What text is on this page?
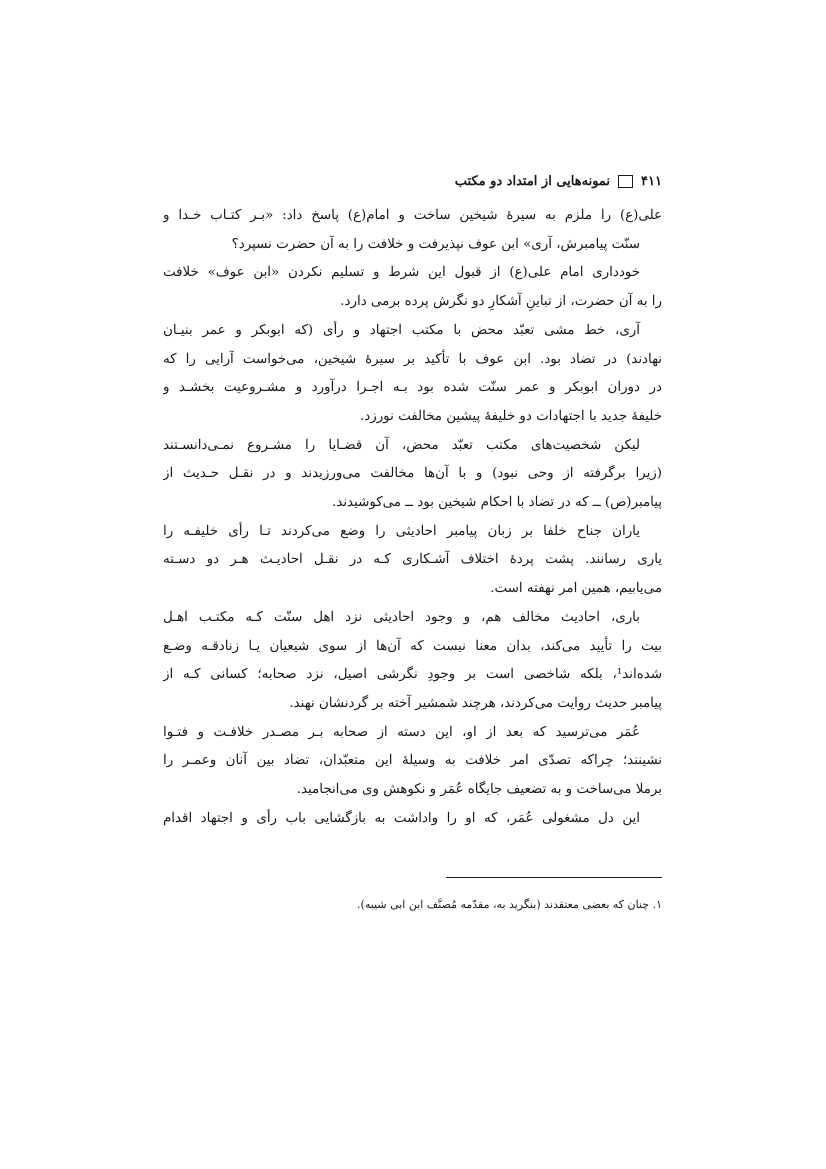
۴۱۱
نمونه‌هایی از امتداد دو مکتب
علی(ع) را ملزم به سیرهٔ شیخین ساخت و امام(ع) پاسخ داد: «بـر کتـاب خـدا و
سنّت پیامبرش، آری» ابن عوف نپذیرفت و خلافت را به آن حضرت نسپرد؟
خودداری امام علی(ع) از قبول این شرط و تسلیم نکردن «ابن عوف» خلافت
را به آن حضرت، از تباینِ آشکارِ دو نگرش پرده برمی دارد.
آری، خط مشی تعبّد محض با مکتب اجتهاد و رأی (که ابوبکر و عمر بنیـان
نهادند) در تضاد بود. ابن عوف با تأکید بر سیرهٔ شیخین، می‌خواست آرایی را که
در دوران ابوبکر و عمر سنّت شده بود بـه اجـرا درآورد و مشـروعیت بخشـد و
خلیفهٔ جدید با اجتهادات دو خلیفهٔ پیشین مخالفت نورزد.
لیکن شخصیت‌های مکتب تعبّد محض، آن قضـایا را مشـروع نمـی‌دانسـتند
(زیرا برگرفته از وحی نبود) و با آن‌ها مخالفت می‌ورزیدند و در نقـل حـدیث از
پیامبر(ص) ــ که در تضاد با احکام شیخین بود ــ می‌کوشیدند.
یاران جناح خلفا بر زبان پیامبر احادیثی را وضع می‌کردند تـا رأی خلیفـه را
یاری رسانند. پشت پردهٔ اختلاف آشـکاری کـه در نقـل احادیـث هـر دو دسـته
می‌یابیم، همین امر نهفته است.
باری، احادیث مخالف هم، و وجود احادیثی نزد اهل سنّت کـه مکتـب اهـل
بیت را تأیید می‌کند، بدان معنا نیست که آن‌ها از سوی شیعیان یـا زنادقـه وضـع
شده‌اند¹، بلکه شاخصی است بر وجودِ نگرشی اصیل، نزد صحابه؛ کسانی کـه از
پیامبر حدیث روایت می‌کردند، هرچند شمشیر آخته بر گردنشان نهند.
عُمَر می‌ترسید که بعد از او، این دسته از صحابه بـر مصـدر خلافـت و فتـوا
نشینند؛ چراکه تصدّی امر خلافت به وسیلهٔ این متعبّدان، تضاد بین آنان وعمـر را
برملا می‌ساخت و به تضعیف جایگاه عُمَر و نکوهش وی می‌انجامید.
این دل مشغولی عُمَر، که او را واداشت به بازگشایی باب رأی و اجتهاد اقدام
۱. چنان که بعضی معتقدند (بنگرید به، مقدّمه مُصنَّف ابن ابی شیبه).
